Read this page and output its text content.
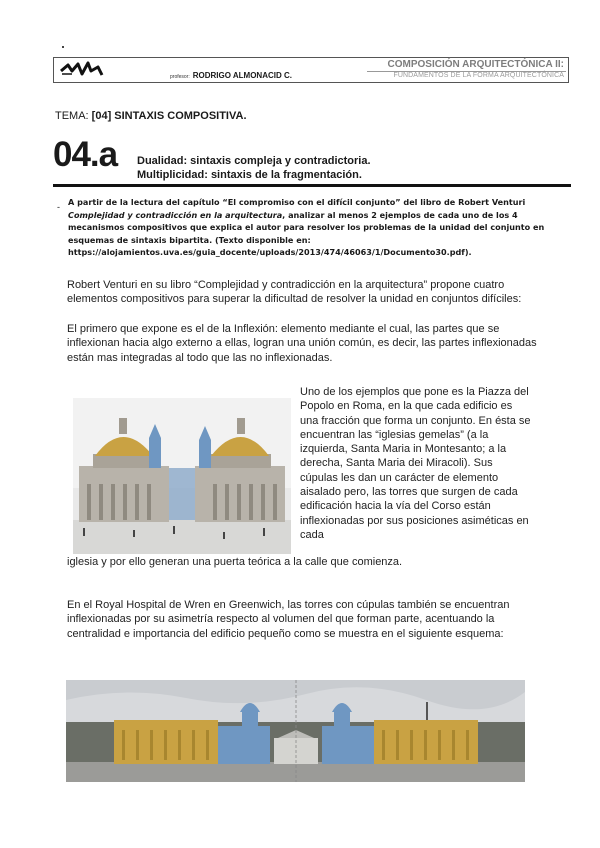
profesor: RODRIGO ALMONACID C.
COMPOSICIÓN ARQUITECTÓNICA II:
FUNDAMENTOS DE LA FORMA ARQUITECTÓNICA
TEMA: [04] SINTAXIS COMPOSITIVA.
04.a Dualidad: sintaxis compleja y contradictoria.
Multiplicidad: sintaxis de la fragmentación.
- A partir de la lectura del capítulo “El compromiso con el difícil conjunto” del libro de Robert Venturi Complejidad y contradicción en la arquitectura, analizar al menos 2 ejemplos de cada uno de los 4 mecanismos compositivos que explica el autor para resolver los problemas de la unidad del conjunto en esquemas de sintaxis bipartita. (Texto disponible en:
https://alojamientos.uva.es/guia_docente/uploads/2013/474/46063/1/Documento30.pdf).
Robert Venturi en su libro “Complejidad y contradicción en la arquitectura” propone cuatro elementos compositivos para superar la dificultad de resolver la unidad en conjuntos difíciles:
El primero que expone es el de la Inflexión: elemento mediante el cual, las partes que se inflexionan hacia algo externo a ellas, logran una unión común, es decir, las partes inflexionadas están mas integradas al todo que las no inflexionadas.
Uno de los ejemplos que pone es la Piazza del Popolo en Roma, en la que cada edificio es una fracción que forma un conjunto. En ésta se encuentran las “iglesias gemelas” (a la izquierda, Santa Maria in Montesanto; a la derecha, Santa Maria dei Miracoli). Sus cúpulas les dan un carácter de elemento aisalado pero, las torres que surgen de cada edificación hacia la vía del Corso están inflexionadas por sus posiciones asiméticas en cada
iglesia y por ello generan una puerta teórica a la calle que comienza.
En el Royal Hospital de Wren en Greenwich, las torres con cúpulas también se encuentran inflexionadas por su asimetría respecto al volumen del que forman parte, acentuando la centralidad e importancia del edificio pequeño como se muestra en el siguiente esquema:
